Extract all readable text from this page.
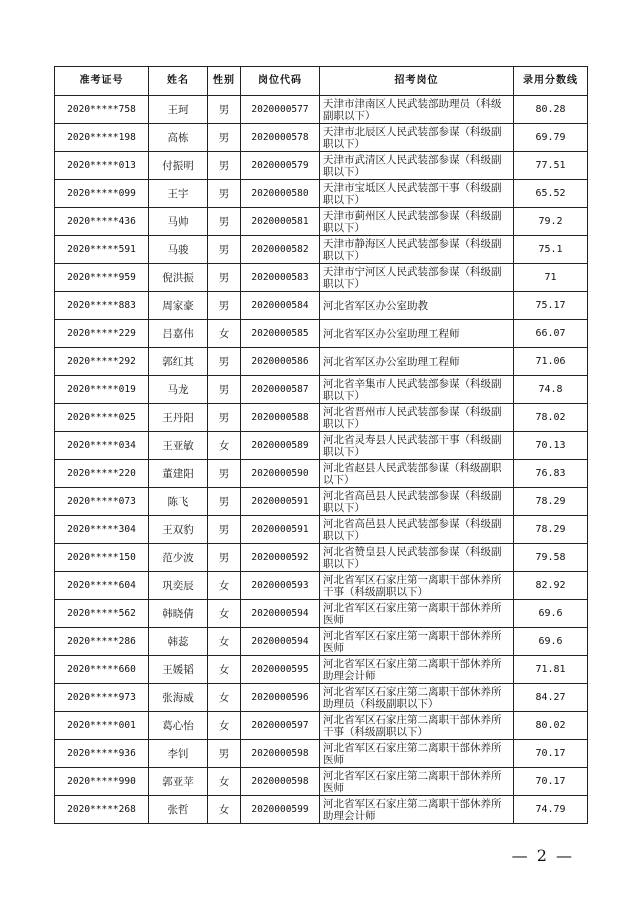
准考证号	姓名	性别	岗位代码	招考岗位	录用分数线
2020*****758	王珂	男	2020000577	天津市津南区人民武装部助理员（科级副职以下）	80.28
2020*****198	高栋	男	2020000578	天津市北辰区人民武装部参谋（科级副职以下）	69.79
2020*****013	付振明	男	2020000579	天津市武清区人民武装部参谋（科级副职以下）	77.51
2020*****099	王宇	男	2020000580	天津市宝坻区人民武装部干事（科级副职以下）	65.52
2020*****436	马帅	男	2020000581	天津市蓟州区人民武装部参谋（科级副职以下）	79.2
2020*****591	马骏	男	2020000582	天津市静海区人民武装部参谋（科级副职以下）	75.1
2020*****959	倪洪振	男	2020000583	天津市宁河区人民武装部参谋（科级副职以下）	71
2020*****883	周家豪	男	2020000584	河北省军区办公室助教	75.17
2020*****229	吕嘉伟	女	2020000585	河北省军区办公室助理工程师	66.07
2020*****292	郭红其	男	2020000586	河北省军区办公室助理工程师	71.06
2020*****019	马龙	男	2020000587	河北省辛集市人民武装部参谋（科级副职以下）	74.8
2020*****025	王丹阳	男	2020000588	河北省晋州市人民武装部参谋（科级副职以下）	78.02
2020*****034	王亚敏	女	2020000589	河北省灵寿县人民武装部干事（科级副职以下）	70.13
2020*****220	董建阳	男	2020000590	河北省赵县人民武装部参谋（科级副职以下）	76.83
2020*****073	陈飞	男	2020000591	河北省高邑县人民武装部参谋（科级副职以下）	78.29
2020*****304	王双豹	男	2020000591	河北省高邑县人民武装部参谋（科级副职以下）	78.29
2020*****150	范少波	男	2020000592	河北省赞皇县人民武装部参谋（科级副职以下）	79.58
2020*****604	巩奕辰	女	2020000593	河北省军区石家庄第一离职干部休养所干事（科级副职以下）	82.92
2020*****562	韩晓倩	女	2020000594	河北省军区石家庄第一离职干部休养所医师	69.6
2020*****286	韩蕊	女	2020000594	河北省军区石家庄第一离职干部休养所医师	69.6
2020*****660	王媛韬	女	2020000595	河北省军区石家庄第二离职干部休养所助理会计师	71.81
2020*****973	张海威	女	2020000596	河北省军区石家庄第二离职干部休养所助理员（科级副职以下）	84.27
2020*****001	葛心怡	女	2020000597	河北省军区石家庄第二离职干部休养所干事（科级副职以下）	80.02
2020*****936	李钊	男	2020000598	河北省军区石家庄第二离职干部休养所医师	70.17
2020*****990	郭亚苹	女	2020000598	河北省军区石家庄第二离职干部休养所医师	70.17
2020*****268	张哲	女	2020000599	河北省军区石家庄第二离职干部休养所助理会计师	74.79
— 2 —
